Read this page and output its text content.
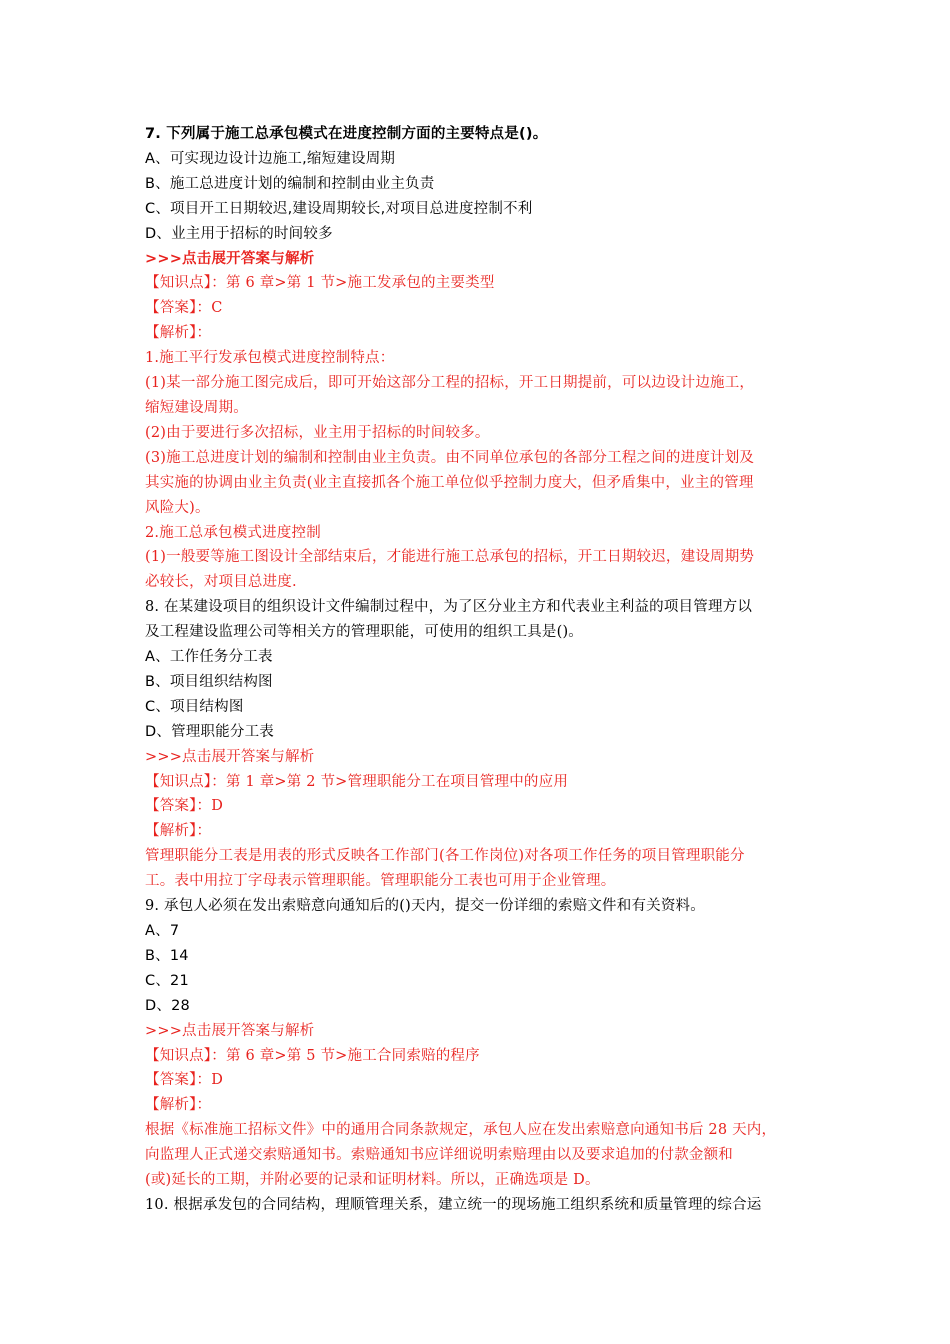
7. 下列属于施工总承包模式在进度控制方面的主要特点是()。
A、可实现边设计边施工,缩短建设周期
B、施工总进度计划的编制和控制由业主负责
C、项目开工日期较迟,建设周期较长,对项目总进度控制不利
D、业主用于招标的时间较多
>>>点击展开答案与解析
【知识点】：第 6 章>第 1 节>施工发承包的主要类型
【答案】：C
【解析】：
1.施工平行发承包模式进度控制特点：
(1)某一部分施工图完成后，即可开始这部分工程的招标，开工日期提前，可以边设计边施工，
缩短建设周期。
(2)由于要进行多次招标，业主用于招标的时间较多。
(3)施工总进度计划的编制和控制由业主负责。由不同单位承包的各部分工程之间的进度计划及
其实施的协调由业主负责(业主直接抓各个施工单位似乎控制力度大，但矛盾集中，业主的管理
风险大)。
2.施工总承包模式进度控制
(1)一般要等施工图设计全部结束后，才能进行施工总承包的招标，开工日期较迟，建设周期势
必较长，对项目总进度.
8. 在某建设项目的组织设计文件编制过程中，为了区分业主方和代表业主利益的项目管理方以
及工程建设监理公司等相关方的管理职能，可使用的组织工具是()。
A、工作任务分工表
B、项目组织结构图
C、项目结构图
D、管理职能分工表
>>>点击展开答案与解析
【知识点】：第 1 章>第 2 节>管理职能分工在项目管理中的应用
【答案】：D
【解析】：
管理职能分工表是用表的形式反映各工作部门(各工作岗位)对各项工作任务的项目管理职能分
工。表中用拉丁字母表示管理职能。管理职能分工表也可用于企业管理。
9. 承包人必须在发出索赔意向通知后的()天内，提交一份详细的索赔文件和有关资料。
A、7
B、14
C、21
D、28
>>>点击展开答案与解析
【知识点】：第 6 章>第 5 节>施工合同索赔的程序
【答案】：D
【解析】：
根据《标准施工招标文件》中的通用合同条款规定，承包人应在发出索赔意向通知书后 28 天内，
向监理人正式递交索赔通知书。索赔通知书应详细说明索赔理由以及要求追加的付款金额和
(或)延长的工期，并附必要的记录和证明材料。所以，正确选项是 D。
10. 根据承发包的合同结构，理顺管理关系，建立统一的现场施工组织系统和质量管理的综合运
